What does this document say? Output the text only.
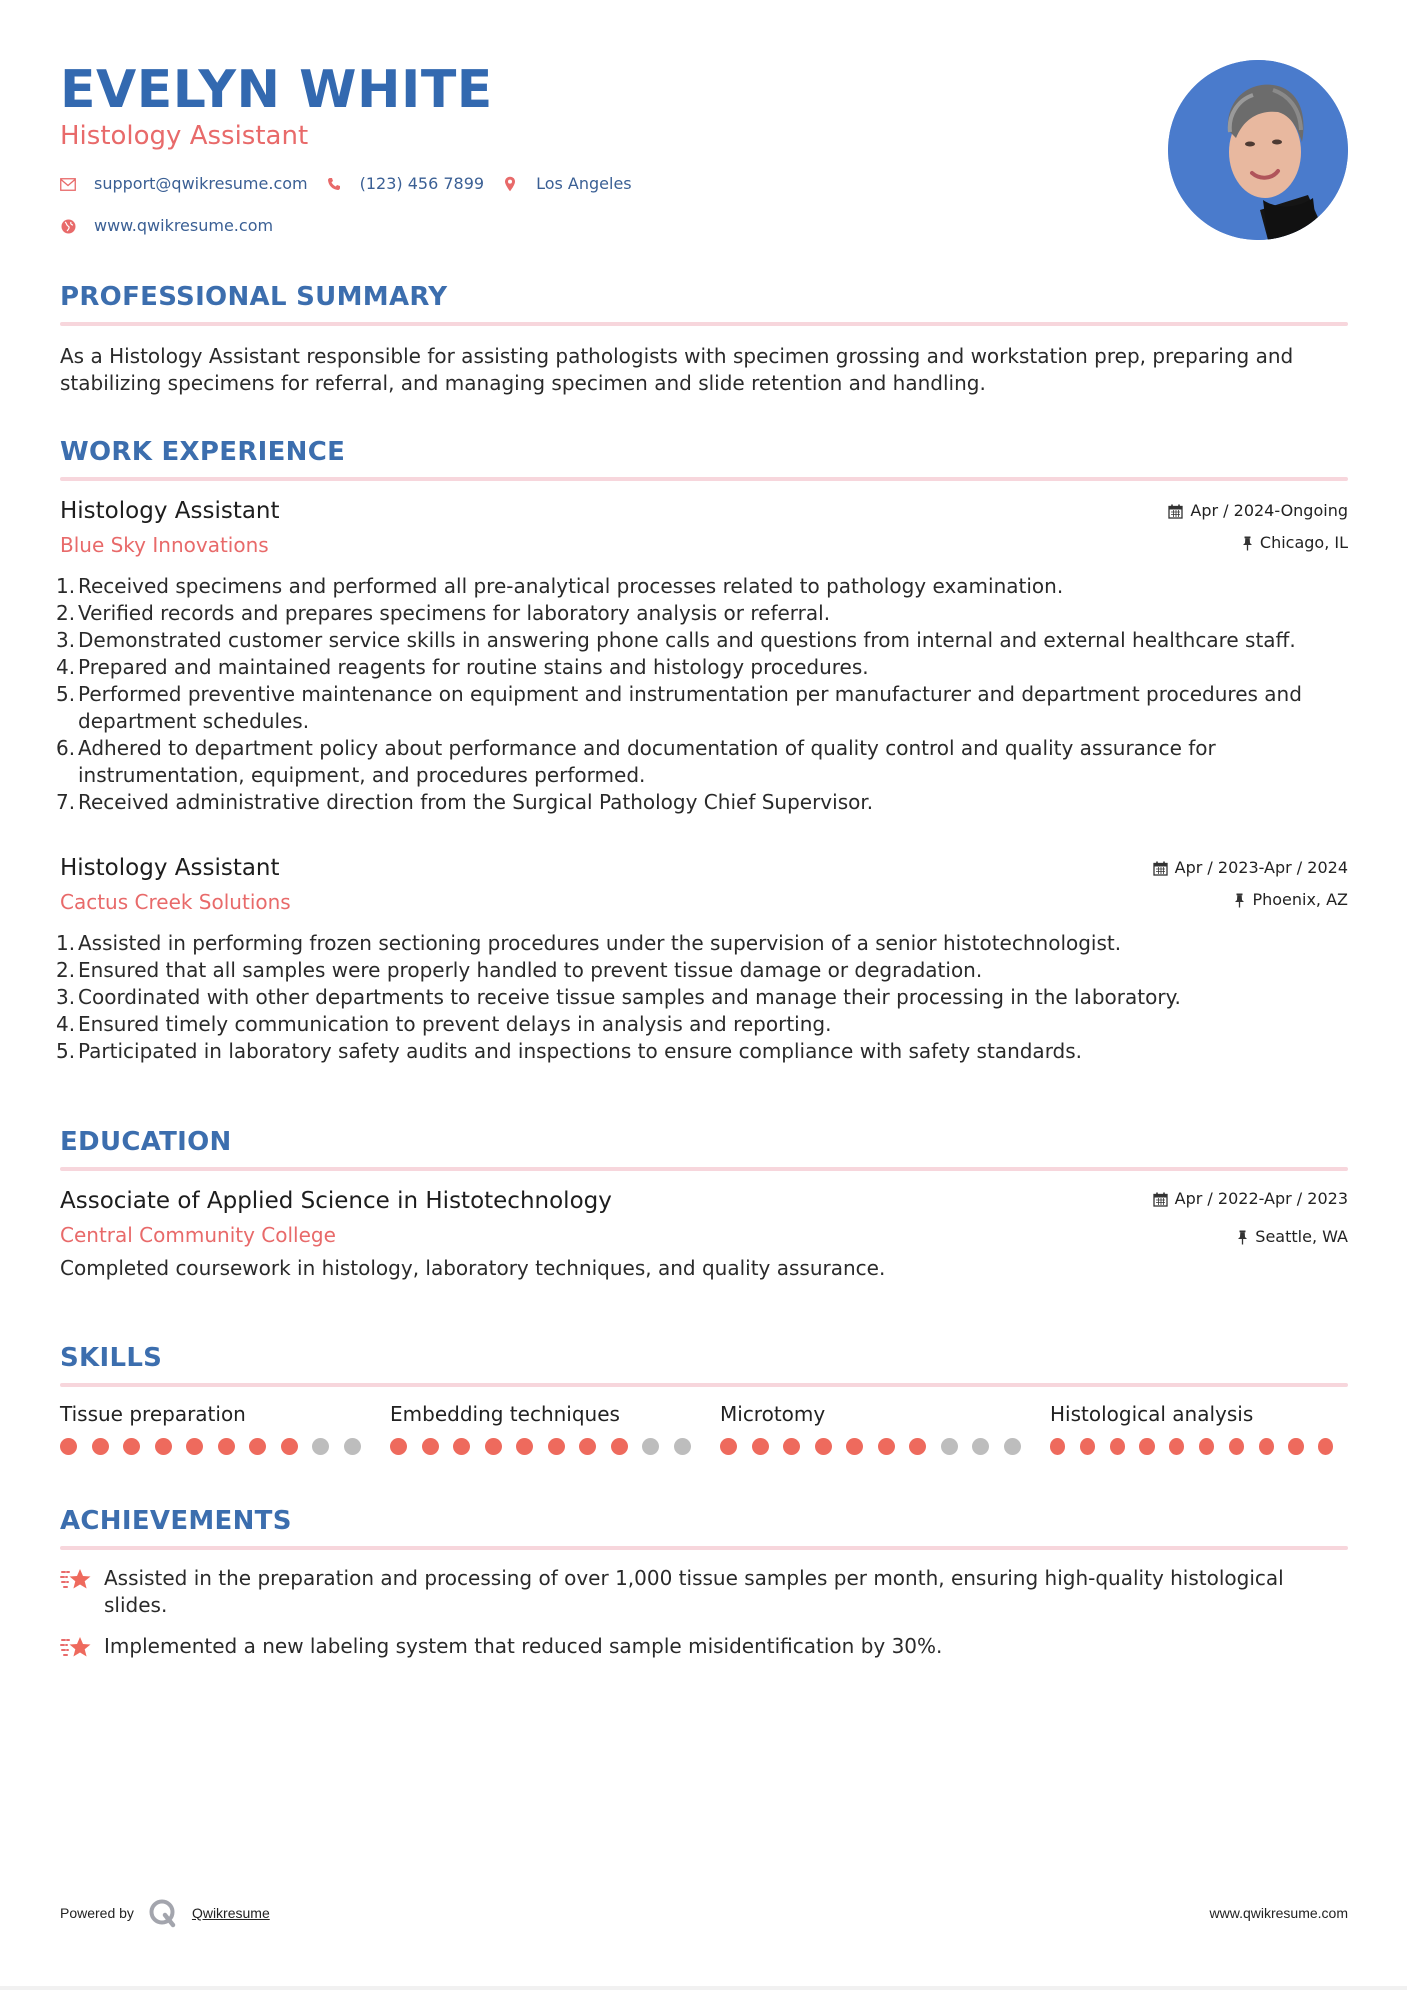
EVELYN WHITE
Histology Assistant
support@qwikresume.com	(123) 456 7899	Los Angeles
www.qwikresume.com
PROFESSIONAL SUMMARY
As a Histology Assistant responsible for assisting pathologists with specimen grossing and workstation prep, preparing and stabilizing specimens for referral, and managing specimen and slide retention and handling.
WORK EXPERIENCE
Histology Assistant
Blue Sky Innovations
Apr / 2024-Ongoing
Chicago, IL
1. Received specimens and performed all pre-analytical processes related to pathology examination.
2. Verified records and prepares specimens for laboratory analysis or referral.
3. Demonstrated customer service skills in answering phone calls and questions from internal and external healthcare staff.
4. Prepared and maintained reagents for routine stains and histology procedures.
5. Performed preventive maintenance on equipment and instrumentation per manufacturer and department procedures and department schedules.
6. Adhered to department policy about performance and documentation of quality control and quality assurance for instrumentation, equipment, and procedures performed.
7. Received administrative direction from the Surgical Pathology Chief Supervisor.
Histology Assistant
Cactus Creek Solutions
Apr / 2023-Apr / 2024
Phoenix, AZ
1. Assisted in performing frozen sectioning procedures under the supervision of a senior histotechnologist.
2. Ensured that all samples were properly handled to prevent tissue damage or degradation.
3. Coordinated with other departments to receive tissue samples and manage their processing in the laboratory.
4. Ensured timely communication to prevent delays in analysis and reporting.
5. Participated in laboratory safety audits and inspections to ensure compliance with safety standards.
EDUCATION
Associate of Applied Science in Histotechnology
Central Community College
Apr / 2022-Apr / 2023
Seattle, WA
Completed coursework in histology, laboratory techniques, and quality assurance.
SKILLS
Tissue preparation	Embedding techniques	Microtomy	Histological analysis
ACHIEVEMENTS
Assisted in the preparation and processing of over 1,000 tissue samples per month, ensuring high-quality histological slides.
Implemented a new labeling system that reduced sample misidentification by 30%.
Powered by	Qwikresume	www.qwikresume.com
